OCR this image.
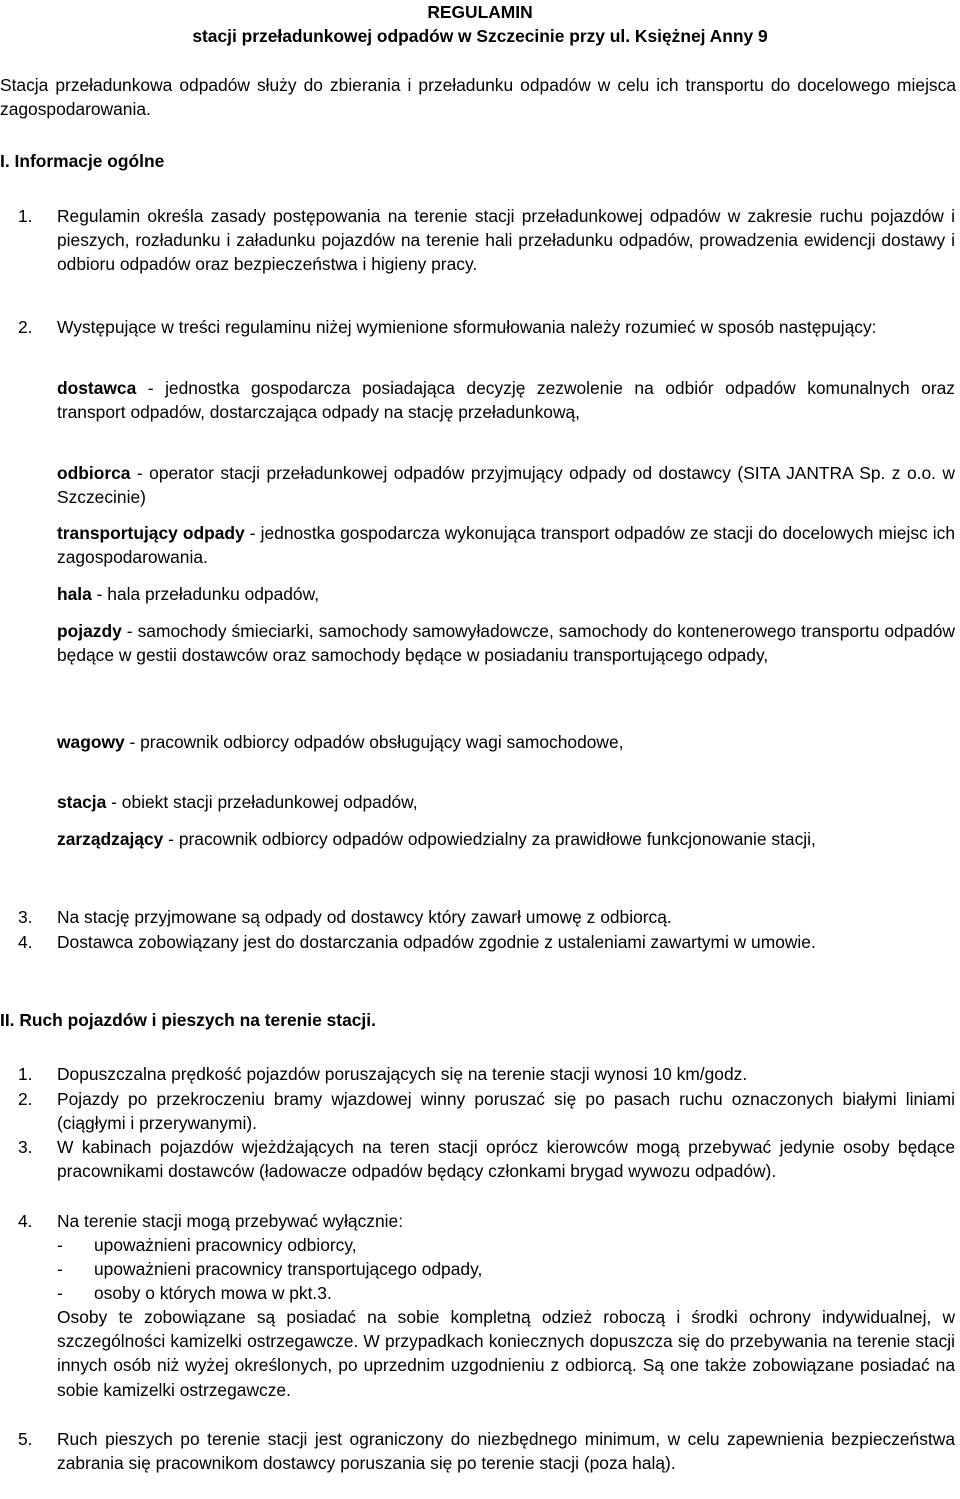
REGULAMIN
stacji przeładunkowej odpadów w Szczecinie przy ul. Księżnej Anny 9
Stacja przeładunkowa odpadów służy do zbierania i przeładunku odpadów w celu ich transportu do docelowego miejsca zagospodarowania.
I. Informacje ogólne
1. Regulamin określa zasady postępowania na terenie stacji przeładunkowej odpadów w zakresie ruchu pojazdów i pieszych, rozładunku i załadunku pojazdów na terenie hali przeładunku odpadów, prowadzenia ewidencji dostawy i odbioru odpadów oraz bezpieczeństwa i higieny pracy.
2. Występujące w treści regulaminu niżej wymienione sformułowania należy rozumieć w sposób następujący:
dostawca - jednostka gospodarcza posiadająca decyzję zezwolenie na odbiór odpadów komunalnych oraz transport odpadów, dostarczająca odpady na stację przeładunkową,
odbiorca - operator stacji przeładunkowej odpadów przyjmujący odpady od dostawcy (SITA JANTRA Sp. z o.o. w Szczecinie)
transportujący odpady - jednostka gospodarcza wykonująca transport odpadów ze stacji do docelowych miejsc ich zagospodarowania.
hala - hala przeładunku odpadów,
pojazdy - samochody śmieciarki, samochody samowyładowcze, samochody do kontenerowego transportu odpadów będące w gestii dostawców oraz samochody będące w posiadaniu transportującego odpady,
wagowy - pracownik odbiorcy odpadów obsługujący wagi samochodowe,
stacja - obiekt stacji przeładunkowej odpadów,
zarządzający - pracownik odbiorcy odpadów odpowiedzialny za prawidłowe funkcjonowanie stacji,
3. Na stację przyjmowane są odpady od dostawcy który zawarł umowę z odbiorcą.
4. Dostawca zobowiązany jest do dostarczania odpadów zgodnie z ustaleniami zawartymi w umowie.
II. Ruch pojazdów i pieszych na terenie stacji.
1. Dopuszczalna prędkość pojazdów poruszających się na terenie stacji wynosi 10 km/godz.
2. Pojazdy po przekroczeniu bramy wjazdowej winny poruszać się po pasach ruchu oznaczonych białymi liniami (ciągłymi i przerywanymi).
3. W kabinach pojazdów wjeżdżających na teren stacji oprócz kierowców mogą przebywać jedynie osoby będące pracownikami dostawców (ładowacze odpadów będący członkami brygad wywozu odpadów).
4. Na terenie stacji mogą przebywać wyłącznie:
- upoważnieni pracownicy odbiorcy,
- upoważnieni pracownicy transportującego odpady,
- osoby o których mowa w pkt.3.
Osoby te zobowiązane są posiadać na sobie kompletną odzież roboczą i środki ochrony indywidualnej, w szczególności kamizelki ostrzegawcze. W przypadkach koniecznych dopuszcza się do przebywania na terenie stacji innych osób niż wyżej określonych, po uprzednim uzgodnieniu z odbiorcą. Są one także zobowiązane posiadać na sobie kamizelki ostrzegawcze.
5. Ruch pieszych po terenie stacji jest ograniczony do niezbędnego minimum, w celu zapewnienia bezpieczeństwa zabrania się pracownikom dostawcy poruszania się po terenie stacji (poza halą).
